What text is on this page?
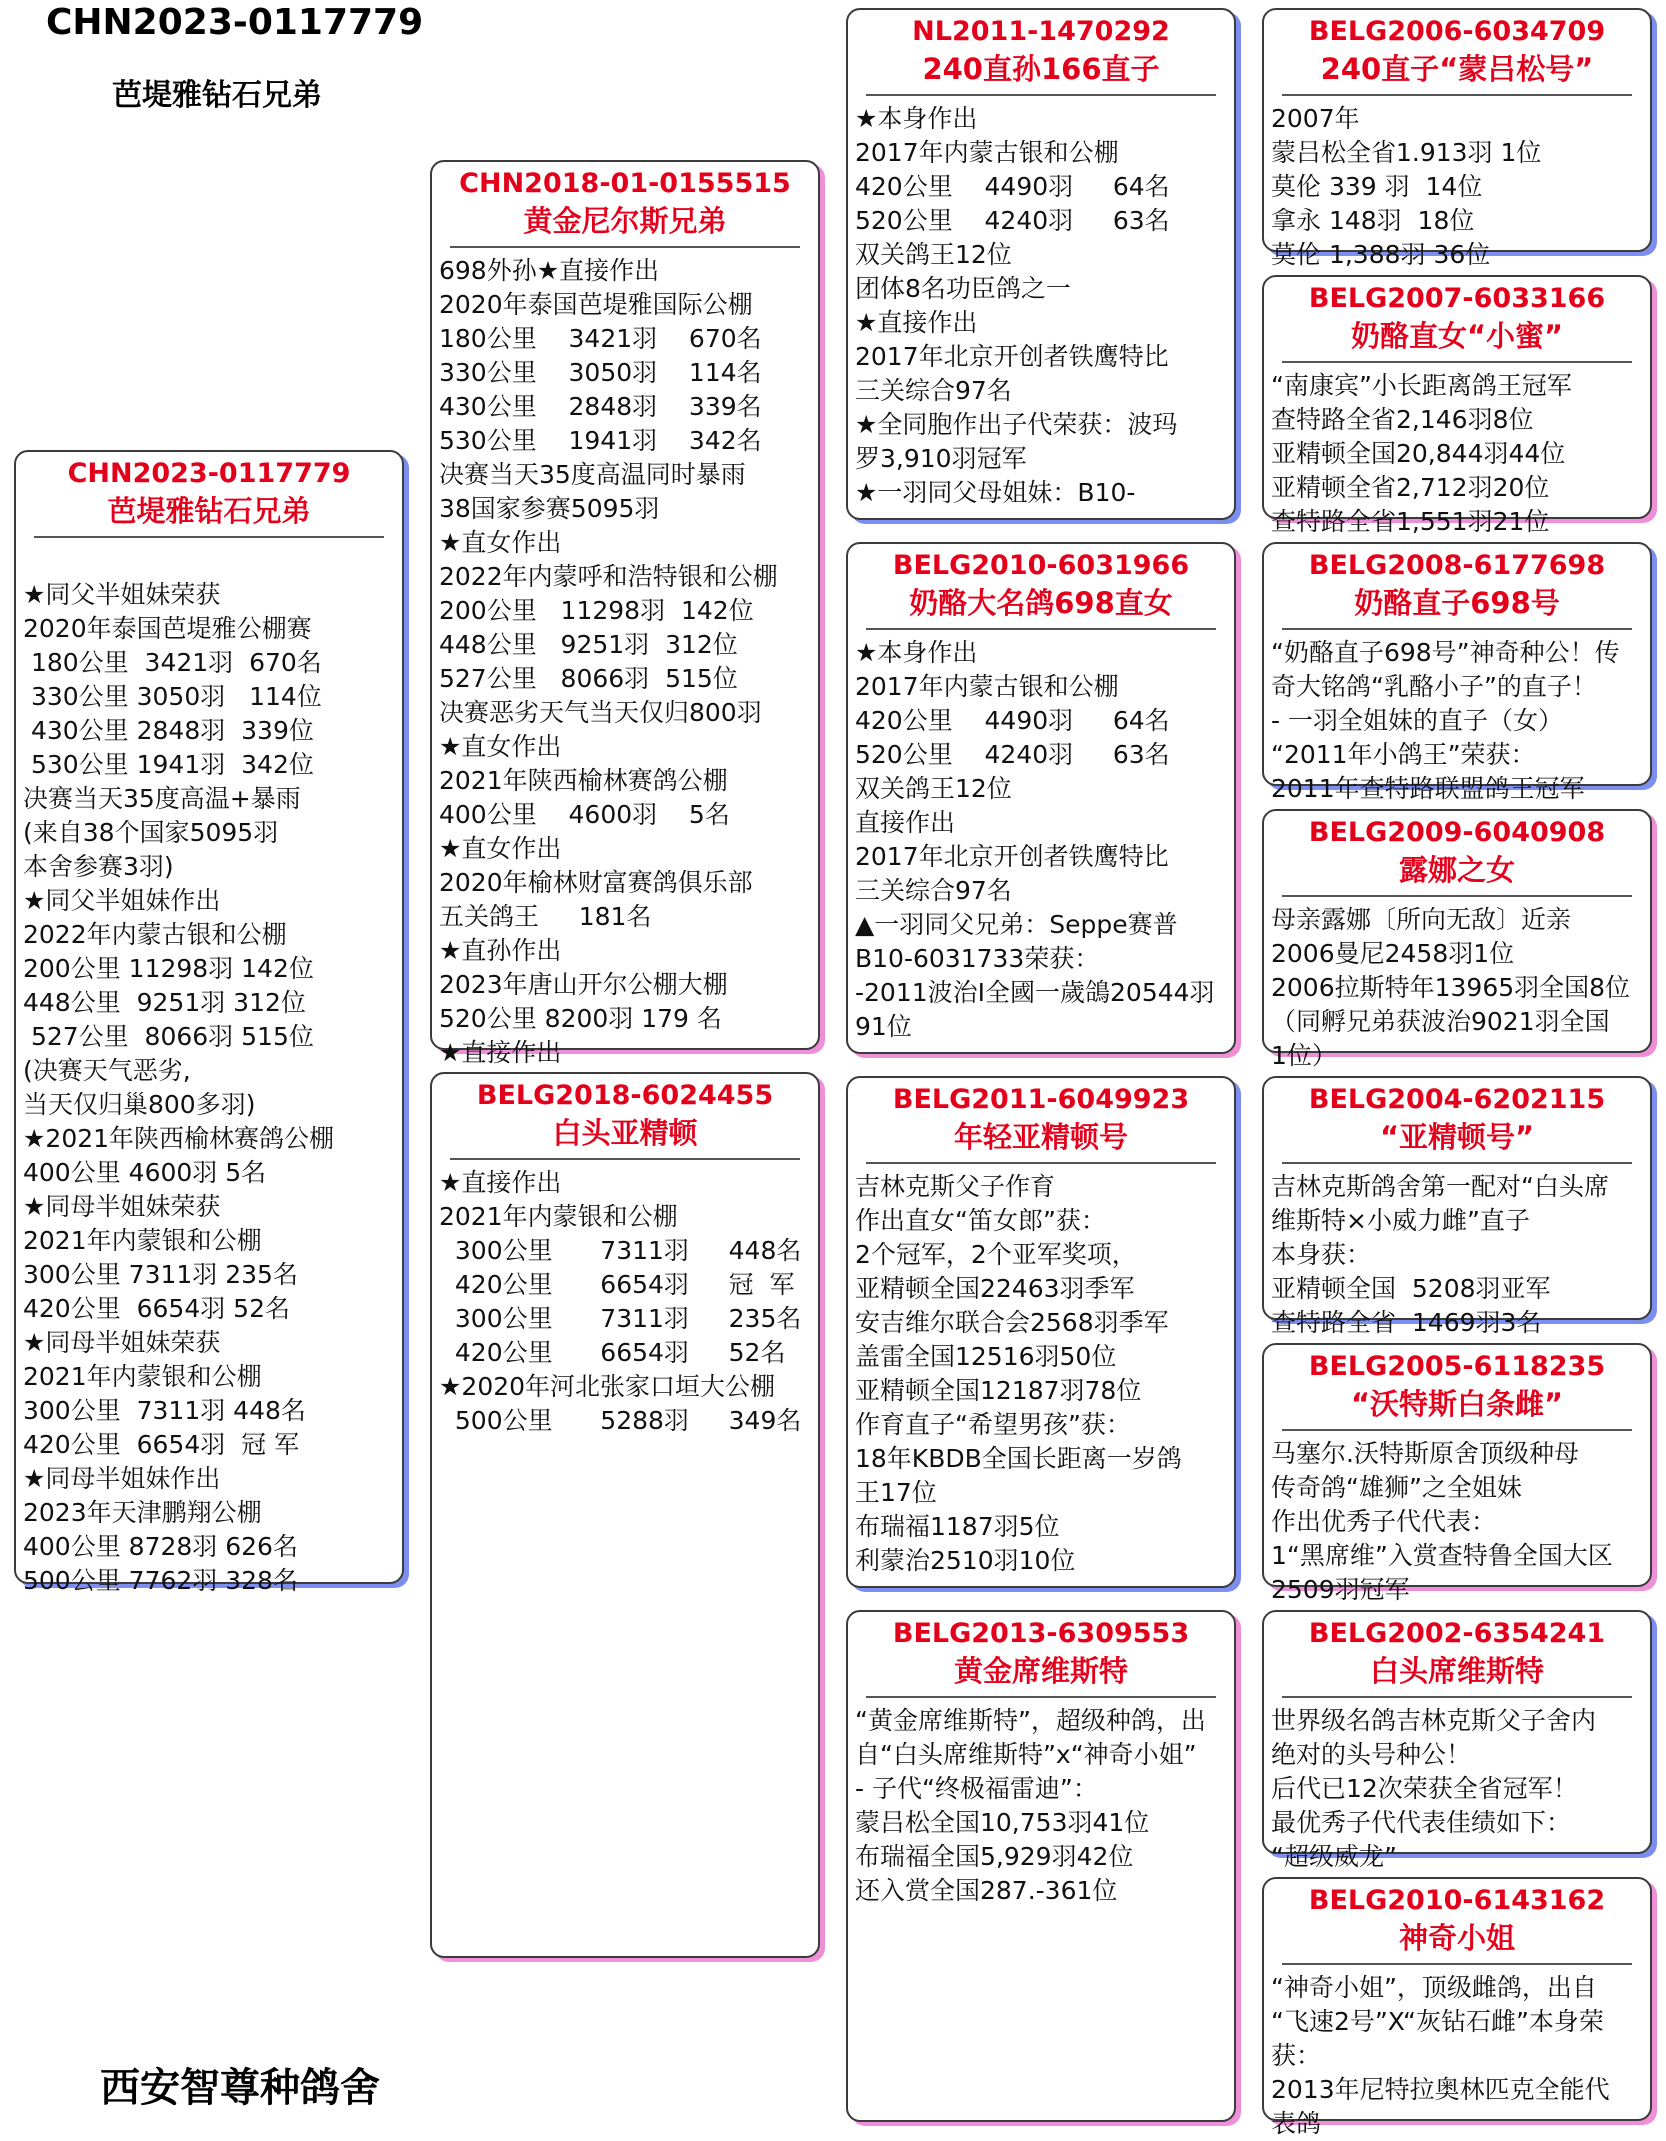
CHN2023-0117779
芭堤雅钻石兄弟
CHN2023-0117779
芭堤雅钻石兄弟
★同父半姐妹荣获
2020年泰国芭堤雅公棚赛
180公里  3421羽  670名
330公里 3050羽   114位
430公里 2848羽  339位
530公里 1941羽  342位
决赛当天35度高温+暴雨
(来自38个国家5095羽
本舍参赛3羽)
★同父半姐妹作出
2022年内蒙古银和公棚
200公里 11298羽 142位
448公里  9251羽 312位
527公里  8066羽 515位
(决赛天气恶劣,
当天仅归巢800多羽)
★2021年陕西榆林赛鸽公棚
400公里 4600羽 5名
★同母半姐妹荣获
2021年内蒙银和公棚
300公里 7311羽 235名
420公里  6654羽 52名
★同母半姐妹荣获
2021年内蒙银和公棚
300公里  7311羽 448名
420公里  6654羽  冠 军
★同母半姐妹作出
2023年天津鹏翔公棚
400公里 8728羽 626名
500公里 7762羽 328名
CHN2018-01-0155515
黄金尼尔斯兄弟
698外孙★直接作出
2020年泰国芭堤雅国际公棚
180公里    3421羽    670名
330公里    3050羽    114名
430公里    2848羽    339名
530公里    1941羽    342名
决赛当天35度高温同时暴雨
38国家参赛5095羽
★直女作出
2022年内蒙呼和浩特银和公棚
200公里   11298羽  142位
448公里   9251羽  312位
527公里   8066羽  515位
决赛恶劣天气当天仅归800羽
★直女作出
2021年陕西榆林赛鸽公棚
400公里    4600羽    5名
★直女作出
2020年榆林财富赛鸽俱乐部
五关鸽王     181名
★直孙作出
2023年唐山开尔公棚大棚
520公里 8200羽 179 名
★直接作出
BELG2018-6024455
白头亚精顿
★直接作出
2021年内蒙银和公棚
300公里      7311羽     448名
420公里      6654羽     冠  军
300公里      7311羽     235名
420公里      6654羽     52名
★2020年河北张家口垣大公棚
500公里      5288羽     349名
NL2011-1470292
240直孙166直子
★本身作出
2017年内蒙古银和公棚
420公里    4490羽     64名
520公里    4240羽     63名
双关鸽王12位
团体8名功臣鸽之一
★直接作出
2017年北京开创者铁鹰特比
三关综合97名
★全同胞作出子代荣获：波玛
罗3,910羽冠军
★一羽同父母姐妹：B10-
BELG2010-6031966
奶酪大名鸽698直女
★本身作出
2017年内蒙古银和公棚
420公里    4490羽     64名
520公里    4240羽     63名
双关鸽王12位
直接作出
2017年北京开创者铁鹰特比
三关综合97名
▲一羽同父兄弟：Seppe赛普
B10-6031733荣获：
-2011波治I全國一歲鴿20544羽
91位
BELG2011-6049923
年轻亚精顿号
吉林克斯父子作育
作出直女“笛女郎”获：
2个冠军，2个亚军奖项，
亚精顿全国22463羽季军
安吉维尔联合会2568羽季军
盖雷全国12516羽50位
亚精顿全国12187羽78位
作育直子“希望男孩”获：
18年KBDB全国长距离一岁鸽
王17位
布瑞福1187羽5位
利蒙治2510羽10位
BELG2013-6309553
黄金席维斯特
“黄金席维斯特”，超级种鸽，出
自“白头席维斯特”x“神奇小姐”
- 子代“终极福雷迪”：
蒙吕松全国10,753羽41位
布瑞福全国5,929羽42位
还入赏全国287.-361位
BELG2006-6034709
240直子“蒙吕松号”
2007年
蒙吕松全省1.913羽 1位
莫伦 339 羽  14位
拿永 148羽  18位
莫伦 1,388羽 36位
BELG2007-6033166
奶酪直女“小蜜”
“南康宾”小长距离鸽王冠军
查特路全省2,146羽8位
亚精顿全国20,844羽44位
亚精顿全省2,712羽20位
查特路全省1,551羽21位
BELG2008-6177698
奶酪直子698号
“奶酪直子698号”神奇种公！传
奇大铭鸽“乳酪小子”的直子！
- 一羽全姐妹的直子（女）
“2011年小鸽王”荣获：
2011年查特路联盟鸽王冠军
BELG2009-6040908
露娜之女
母亲露娜〔所向无敌〕近亲
2006曼尼2458羽1位
2006拉斯特年13965羽全国8位
（同孵兄弟获波治9021羽全国
1位）
BELG2004-6202115
“亚精顿号”
吉林克斯鸽舍第一配对“白头席
维斯特×小威力雌”直子
本身获：
亚精顿全国  5208羽亚军
查特路全省  1469羽3名
BELG2005-6118235
“沃特斯白条雌”
马塞尔.沃特斯原舍顶级种母
传奇鸽“雄狮”之全姐妹
作出优秀子代代表：
1“黑席维”入赏查特鲁全国大区
2509羽冠军
BELG2002-6354241
白头席维斯特
世界级名鸽吉林克斯父子舍内
绝对的头号种公！
后代已12次荣获全省冠军！
最优秀子代代表佳绩如下：
“超级威龙”
BELG2010-6143162
神奇小姐
“神奇小姐”，顶级雌鸽，出自
“飞速2号”X“灰钻石雌”本身荣
获：
2013年尼特拉奥林匹克全能代
表鸽
西安智尊种鸽舍
